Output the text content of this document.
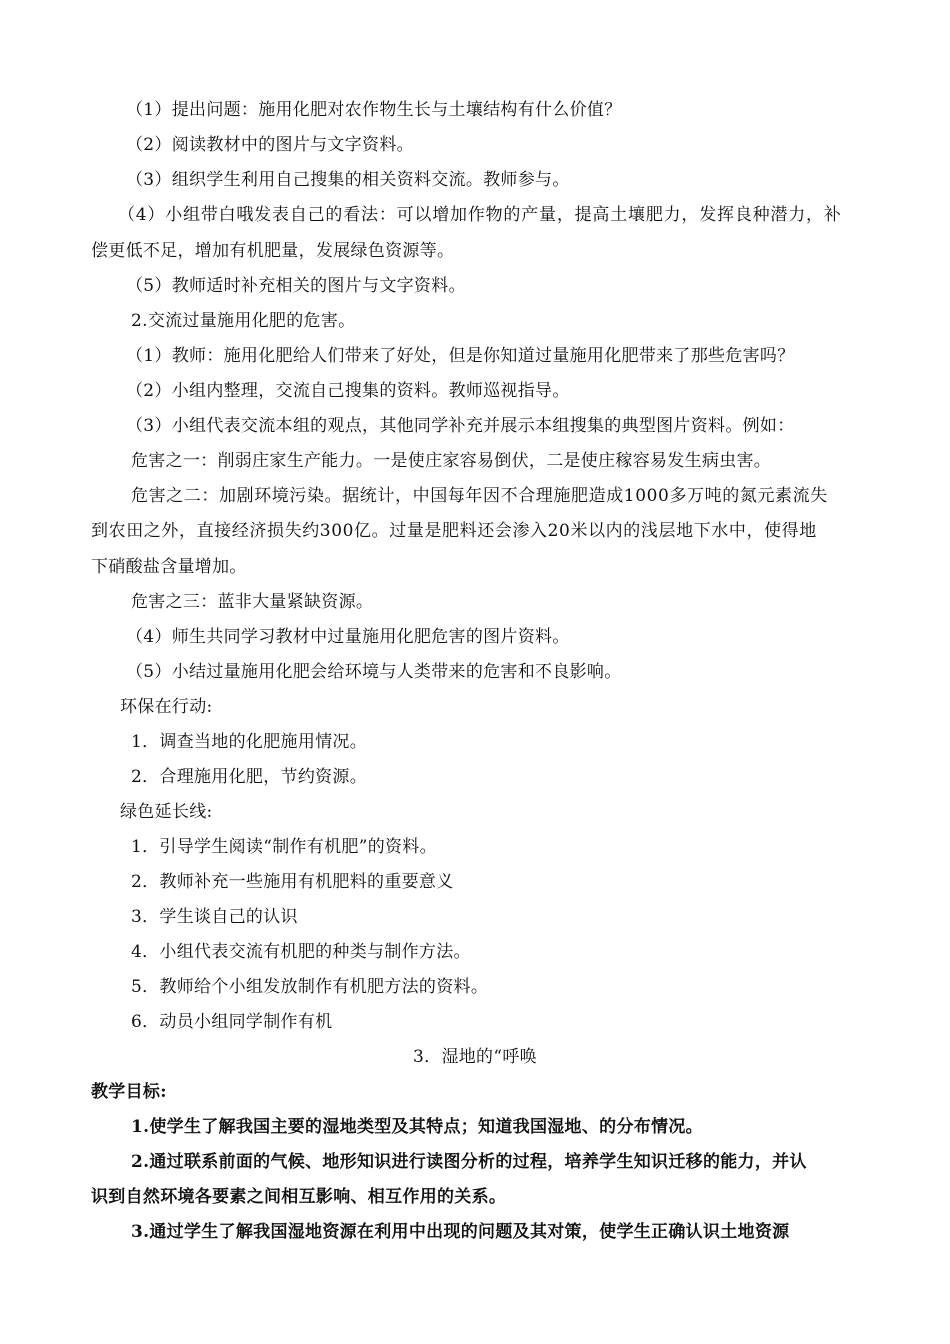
（1）提出问题：施用化肥对农作物生长与土壤结构有什么价值？
（2）阅读教材中的图片与文字资料。
（3）组织学生利用自己搜集的相关资料交流。教师参与。
（4）小组带白哦发表自己的看法：可以增加作物的产量，提高土壤肥力，发挥良种潜力，补
偿更低不足，增加有机肥量，发展绿色资源等。
（5）教师适时补充相关的图片与文字资料。
2.交流过量施用化肥的危害。
（1）教师：施用化肥给人们带来了好处，但是你知道过量施用化肥带来了那些危害吗？
（2）小组内整理，交流自己搜集的资料。教师巡视指导。
（3）小组代表交流本组的观点，其他同学补充并展示本组搜集的典型图片资料。例如：
危害之一：削弱庄家生产能力。一是使庄家容易倒伏，二是使庄稼容易发生病虫害。
危害之二：加剧环境污染。据统计，中国每年因不合理施肥造成1000多万吨的氮元素流失
到农田之外，直接经济损失约300亿。过量是肥料还会渗入20米以内的浅层地下水中，使得地
下硝酸盐含量增加。
危害之三：蓝非大量紧缺资源。
（4）师生共同学习教材中过量施用化肥危害的图片资料。
（5）小结过量施用化肥会给环境与人类带来的危害和不良影响。
环保在行动:
1．调查当地的化肥施用情况。
2．合理施用化肥，节约资源。
绿色延长线:
1．引导学生阅读“制作有机肥”的资料。
2．教师补充一些施用有机肥料的重要意义
3．学生谈自己的认识
4．小组代表交流有机肥的种类与制作方法。
5．教师给个小组发放制作有机肥方法的资料。
6．动员小组同学制作有机
3．湿地的“呼唤
教学目标:
1.使学生了解我国主要的湿地类型及其特点；知道我国湿地、的分布情况。
2.通过联系前面的气候、地形知识进行读图分析的过程，培养学生知识迁移的能力，并认
识到自然环境各要素之间相互影响、相互作用的关系。
3.通过学生了解我国湿地资源在利用中出现的问题及其对策，使学生正确认识土地资源
